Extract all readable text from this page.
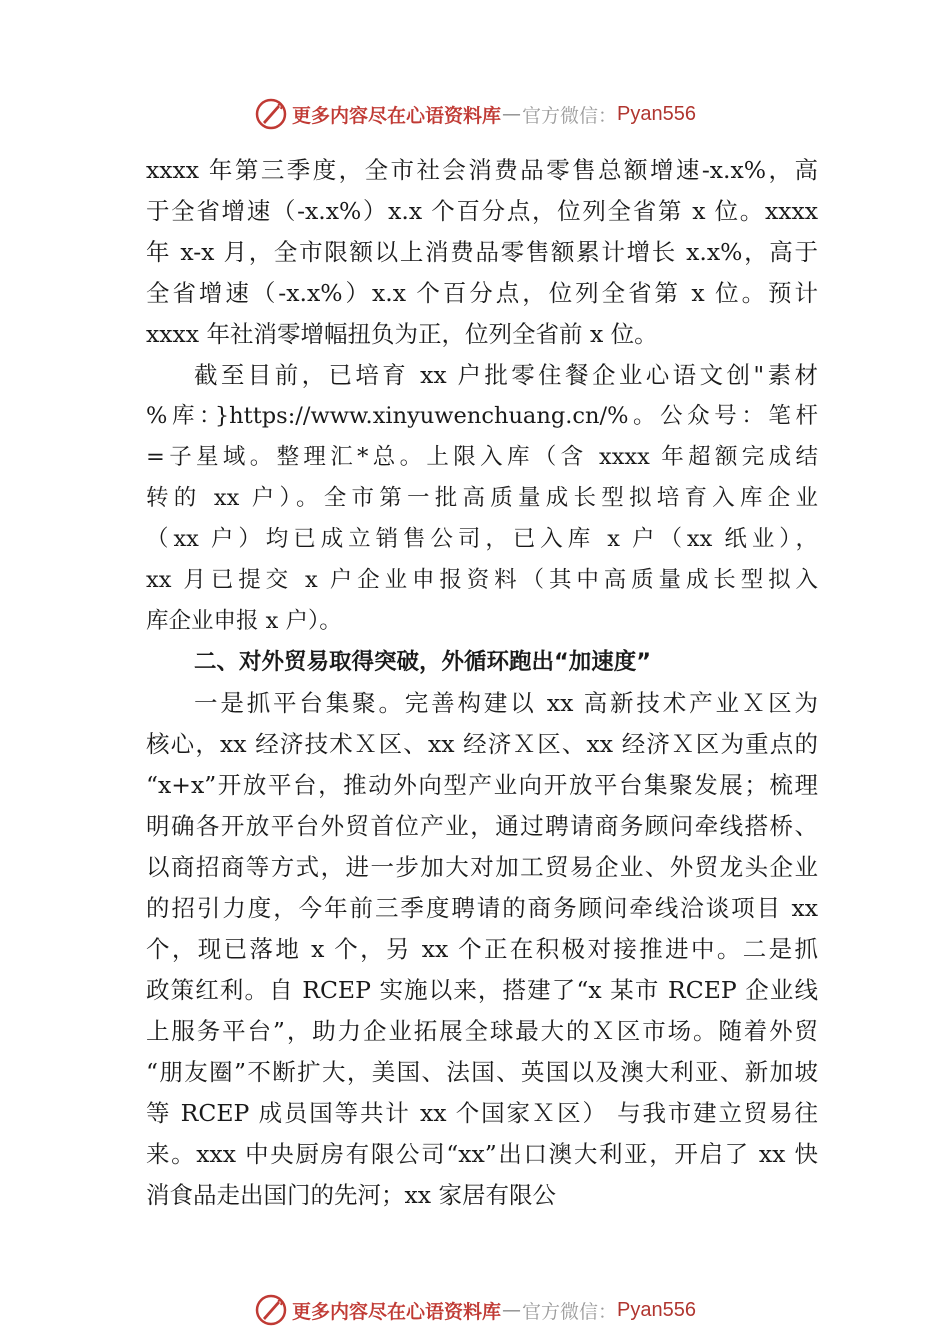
更多内容尽在心语资料库 — 官方微信： Pyan556
xxxx 年第三季度，全市社会消费品零售总额增速-x.x%，高
于全省增速（-x.x%）x.x 个百分点，位列全省第 x 位。xxxx
年 x-x 月，全市限额以上消费品零售额累计增长 x.x%，高于
全省增速（-x.x%）x.x 个百分点，位列全省第 x 位。预计
xxxx 年社消零增幅扭负为正，位列全省前 x 位。
截至目前，已培育 xx 户批零住餐企业心语文创"素材
%库：}https://www.xinyuwenchuang.cn/%。公众号：笔杆
=子星域。整理汇*总。上限入库（含 xxxx 年超额完成结
转的 xx 户）。全市第一批高质量成长型拟培育入库企业
（xx 户）均已成立销售公司，已入库 x 户（xx 纸业），
xx 月已提交 x 户企业申报资料（其中高质量成长型拟入
库企业申报 x 户）。
二、对外贸易取得突破，外循环跑出“加速度”
一是抓平台集聚。完善构建以 xx 高新技术产业Ｘ区为
核心，xx 经济技术Ｘ区、xx 经济Ｘ区、xx 经济Ｘ区为重点的
“x+x”开放平台，推动外向型产业向开放平台集聚发展；梳理
明确各开放平台外贸首位产业，通过聘请商务顾问牵线搭桥、
以商招商等方式，进一步加大对加工贸易企业、外贸龙头企业
的招引力度，今年前三季度聘请的商务顾问牵线洽谈项目 xx
个，现已落地 x 个，另 xx 个正在积极对接推进中。二是抓
政策红利。自 RCEP 实施以来，搭建了“x 某市 RCEP 企业线
上服务平台”，助力企业拓展全球最大的Ｘ区市场。随着外贸
“朋友圈”不断扩大，美国、法国、英国以及澳大利亚、新加坡
等 RCEP 成员国等共计 xx 个国家Ｘ区） 与我市建立贸易往
来。xxx 中央厨房有限公司“xx”出口澳大利亚，开启了 xx 快
消食品走出国门的先河；xx 家居有限公
更多内容尽在心语资料库 — 官方微信： Pyan556
